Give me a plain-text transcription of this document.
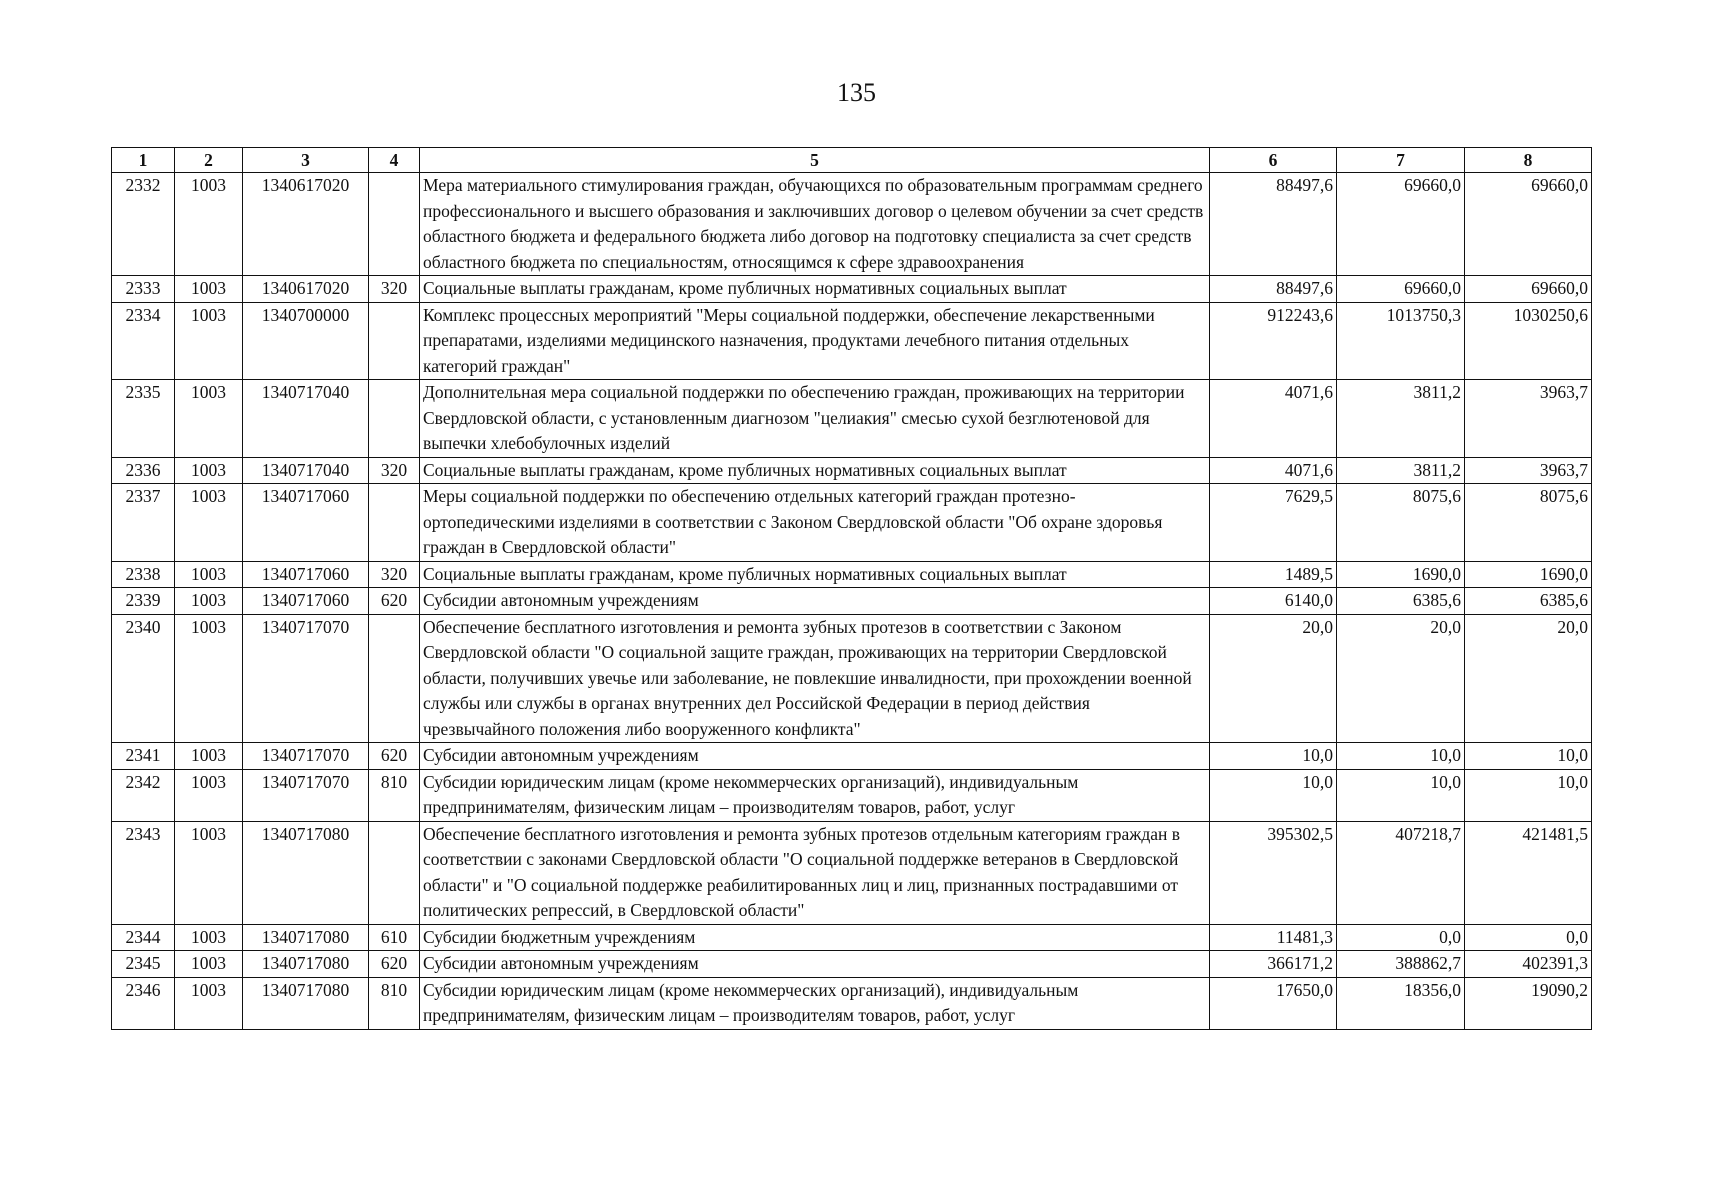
135
1	2	3	4	5	6	7	8
2332	1003	1340617020		Мера материального стимулирования граждан, обучающихся по образовательным программам среднего профессионального и высшего образования и заключивших договор о целевом обучении за счет средств областного бюджета и федерального бюджета либо договор на подготовку специалиста за счет средств областного бюджета по специальностям, относящимся к сфере здравоохранения	88497,6	69660,0	69660,0
2333	1003	1340617020	320	Социальные выплаты гражданам, кроме публичных нормативных социальных выплат	88497,6	69660,0	69660,0
2334	1003	1340700000		Комплекс процессных мероприятий "Меры социальной поддержки, обеспечение лекарственными препаратами, изделиями медицинского назначения, продуктами лечебного питания отдельных категорий граждан"	912243,6	1013750,3	1030250,6
2335	1003	1340717040		Дополнительная мера социальной поддержки по обеспечению граждан, проживающих на территории Свердловской области, с установленным диагнозом "целиакия" смесью сухой безглютеновой для выпечки хлебобулочных изделий	4071,6	3811,2	3963,7
2336	1003	1340717040	320	Социальные выплаты гражданам, кроме публичных нормативных социальных выплат	4071,6	3811,2	3963,7
2337	1003	1340717060		Меры социальной поддержки по обеспечению отдельных категорий граждан протезно-ортопедическими изделиями в соответствии с Законом Свердловской области "Об охране здоровья граждан в Свердловской области"	7629,5	8075,6	8075,6
2338	1003	1340717060	320	Социальные выплаты гражданам, кроме публичных нормативных социальных выплат	1489,5	1690,0	1690,0
2339	1003	1340717060	620	Субсидии автономным учреждениям	6140,0	6385,6	6385,6
2340	1003	1340717070		Обеспечение бесплатного изготовления и ремонта зубных протезов в соответствии с Законом Свердловской области "О социальной защите граждан, проживающих на территории Свердловской области, получивших увечье или заболевание, не повлекшие инвалидности, при прохождении военной службы или службы в органах внутренних дел Российской Федерации в период действия чрезвычайного положения либо вооруженного конфликта"	20,0	20,0	20,0
2341	1003	1340717070	620	Субсидии автономным учреждениям	10,0	10,0	10,0
2342	1003	1340717070	810	Субсидии юридическим лицам (кроме некоммерческих организаций), индивидуальным предпринимателям, физическим лицам – производителям товаров, работ, услуг	10,0	10,0	10,0
2343	1003	1340717080		Обеспечение бесплатного изготовления и ремонта зубных протезов отдельным категориям граждан в соответствии с законами Свердловской области "О социальной поддержке ветеранов в Свердловской области" и "О социальной поддержке реабилитированных лиц и лиц, признанных пострадавшими от политических репрессий, в Свердловской области"	395302,5	407218,7	421481,5
2344	1003	1340717080	610	Субсидии бюджетным учреждениям	11481,3	0,0	0,0
2345	1003	1340717080	620	Субсидии автономным учреждениям	366171,2	388862,7	402391,3
2346	1003	1340717080	810	Субсидии юридическим лицам (кроме некоммерческих организаций), индивидуальным предпринимателям, физическим лицам – производителям товаров, работ, услуг	17650,0	18356,0	19090,2
